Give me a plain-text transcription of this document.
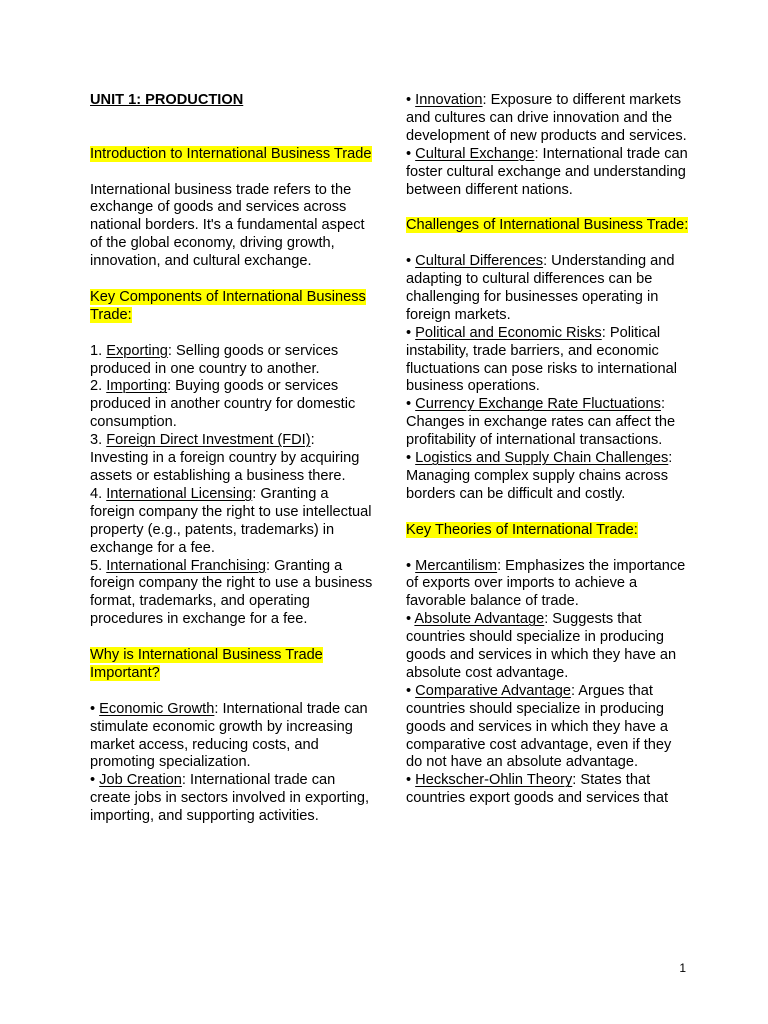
UNIT 1: PRODUCTION
Introduction to International Business Trade
International business trade refers to the exchange of goods and services across national borders. It's a fundamental aspect of the global economy, driving growth, innovation, and cultural exchange.
Key Components of International Business Trade:
1. Exporting: Selling goods or services produced in one country to another.
2. Importing: Buying goods or services produced in another country for domestic consumption.
3. Foreign Direct Investment (FDI): Investing in a foreign country by acquiring assets or establishing a business there.
4. International Licensing: Granting a foreign company the right to use intellectual property (e.g., patents, trademarks) in exchange for a fee.
5. International Franchising: Granting a foreign company the right to use a business format, trademarks, and operating procedures in exchange for a fee.
Why is International Business Trade Important?
• Economic Growth: International trade can stimulate economic growth by increasing market access, reducing costs, and promoting specialization.
• Job Creation: International trade can create jobs in sectors involved in exporting, importing, and supporting activities.
• Innovation: Exposure to different markets and cultures can drive innovation and the development of new products and services.
• Cultural Exchange: International trade can foster cultural exchange and understanding between different nations.
Challenges of International Business Trade:
• Cultural Differences: Understanding and adapting to cultural differences can be challenging for businesses operating in foreign markets.
• Political and Economic Risks: Political instability, trade barriers, and economic fluctuations can pose risks to international business operations.
• Currency Exchange Rate Fluctuations: Changes in exchange rates can affect the profitability of international transactions.
• Logistics and Supply Chain Challenges: Managing complex supply chains across borders can be difficult and costly.
Key Theories of International Trade:
• Mercantilism: Emphasizes the importance of exports over imports to achieve a favorable balance of trade.
• Absolute Advantage: Suggests that countries should specialize in producing goods and services in which they have an absolute cost advantage.
• Comparative Advantage: Argues that countries should specialize in producing goods and services in which they have a comparative cost advantage, even if they do not have an absolute advantage.
• Heckscher-Ohlin Theory: States that countries export goods and services that
1
